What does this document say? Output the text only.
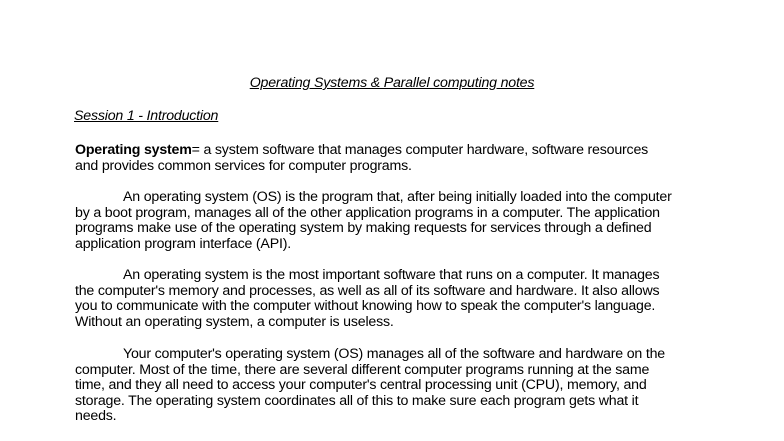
Operating Systems & Parallel computing notes
Session 1 - Introduction
Operating system= a system software that manages computer hardware, software resources
and provides common services for computer programs.
An operating system (OS) is the program that, after being initially loaded into the computer
by a boot program, manages all of the other application programs in a computer. The application
programs make use of the operating system by making requests for services through a defined
application program interface (API).
An operating system is the most important software that runs on a computer. It manages
the computer's memory and processes, as well as all of its software and hardware. It also allows
you to communicate with the computer without knowing how to speak the computer's language.
Without an operating system, a computer is useless.
Your computer's operating system (OS) manages all of the software and hardware on the
computer. Most of the time, there are several different computer programs running at the same
time, and they all need to access your computer's central processing unit (CPU), memory, and
storage. The operating system coordinates all of this to make sure each program gets what it
needs.
